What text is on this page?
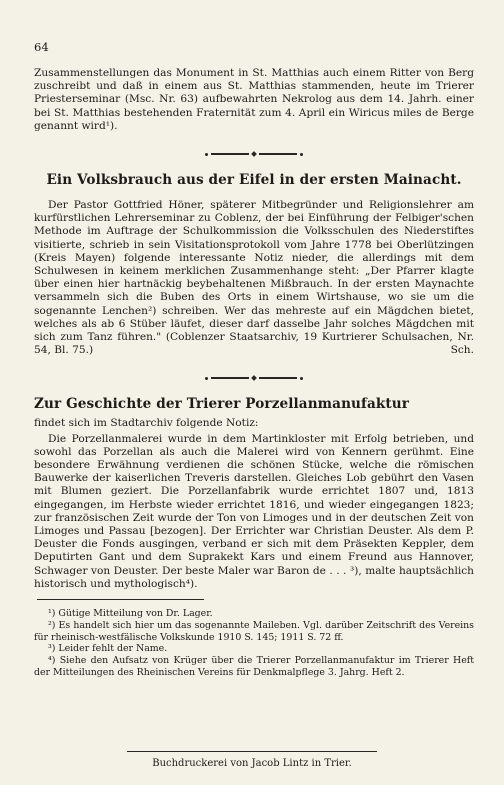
64

Zusammenstellungen das Monument in St. Matthias auch einem Ritter von Berg zuschreibt und daß in einem aus St. Matthias stammenden, heute im Trierer Priesterseminar (Msc. Nr. 63) aufbewahrten Nekrolog aus dem 14. Jahrh. einer bei St. Matthias bestehenden Fraternität zum 4. April ein Wiricus miles de Berge genannt wird¹).

Ein Volksbrauch aus der Eifel in der ersten Mainacht.

Der Pastor Gottfried Höner, späterer Mitbegründer und Religionslehrer am kurfürstlichen Lehrerseminar zu Coblenz, der bei Einführung der Felbiger'schen Methode im Auftrage der Schulkommission die Volksschulen des Niederstiftes visitierte, schrieb in sein Visitationsprotokoll vom Jahre 1778 bei Oberlützingen (Kreis Mayen) folgende interessante Notiz nieder, die allerdings mit dem Schulwesen in keinem merklichen Zusammenhange steht: „Der Pfarrer klagte über einen hier hartnäckig beybehaltenen Mißbrauch. In der ersten Maynachte versammeln sich die Buben des Orts in einem Wirtshause, wo sie um die sogenannte Lenchen²) schreiben. Wer das mehreste auf ein Mägdchen bietet, welches als ab 6 Stüber läufet, dieser darf dasselbe Jahr solches Mägdchen mit sich zum Tanz führen." (Coblenzer Staatsarchiv, 19 Kurtrierer Schulsachen, Nr. 54, Bl. 75.)	Sch.

Zur Geschichte der Trierer Porzellanmanufaktur

findet sich im Stadtarchiv folgende Notiz:

Die Porzellanmalerei wurde in dem Martinkloster mit Erfolg betrieben, und sowohl das Porzellan als auch die Malerei wird von Kennern gerühmt. Eine besondere Erwähnung verdienen die schönen Stücke, welche die römischen Bauwerke der kaiserlichen Treveris darstellen. Gleiches Lob gebührt den Vasen mit Blumen geziert. Die Porzellanfabrik wurde errichtet 1807 und, 1813 eingegangen, im Herbste wieder errichtet 1816, und wieder eingegangen 1823; zur französischen Zeit wurde der Ton von Limoges und in der deutschen Zeit von Limoges und Passau [bezogen]. Der Errichter war Christian Deuster. Als dem P. Deuster die Fonds ausgingen, verband er sich mit dem Präsekten Keppler, dem Deputirten Gant und dem Suprakekt Kars und einem Freund aus Hannover, Schwager von Deuster. Der beste Maler war Baron de . . . ³), malte hauptsächlich historisch und mythologisch⁴).

¹) Gütige Mitteilung von Dr. Lager.

²) Es handelt sich hier um das sogenannte Maileben. Vgl. darüber Zeitschrift des Vereins für rheinisch-westfälische Volkskunde 1910 S. 145; 1911 S. 72 ff.

³) Leider fehlt der Name.

⁴) Siehe den Aufsatz von Krüger über die Trierer Porzellanmanufaktur im Trierer Heft der Mitteilungen des Rheinischen Vereins für Denkmalpflege 3. Jahrg. Heft 2.

Buchdruckerei von Jacob Lintz in Trier.
